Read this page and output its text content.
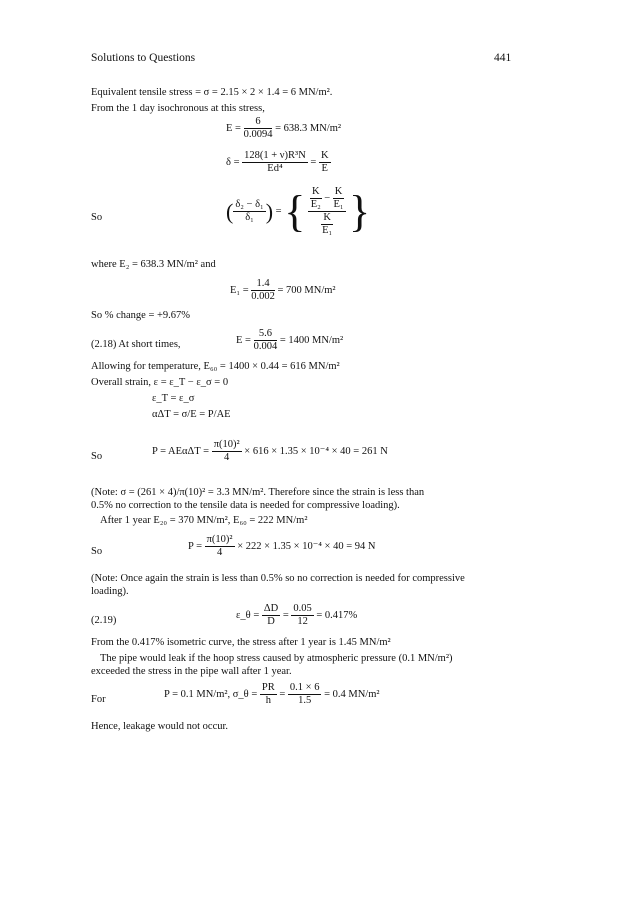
Solutions to Questions	441
Equivalent tensile stress = σ = 2.15 × 2 × 1.4 = 6 MN/m².
From the 1 day isochronous at this stress,
$E = \frac{6}{0.0094} = 638.3$ MN/m²
$\delta = \frac{\text{128(1 + ν)R³N}}{\text{Ed⁴}} = \frac{K}{E}$
So	( $\frac{\text{δ₂ − δ₁}}{\text{δ₁}}$ ) = { $\frac{\frac{K}{\text{E₂}} - \frac{K}{\text{E₁}}}{\frac{K}{\text{E₁}}}$ }
where E₂ = 638.3 MN/m² and
$E_1 = \frac{1.4}{0.002} = 700$ MN/m²
So % change = +9.67%
(2.18) At short times,	$E = \frac{5.6}{0.004} = 1400$ MN/m²
Allowing for temperature, E₆₀ = 1400 × 0.44 = 616 MN/m²
Overall strain, ε = ε_T − ε_σ = 0
ε_T = ε_σ
αΔT = σ/E = P/AE
So	$P = AE\alpha\Delta T = \frac{\text{π(10)²}}{4} \times 616 \times 1.35 \times 10^{-4} \times 40 = 261$ N
(Note: σ = (261 × 4)/π(10)² = 3.3 MN/m². Therefore since the strain is less than
0.5% no correction to the tensile data is needed for compressive loading).
After 1 year E₂₀ = 370 MN/m², E₆₀ = 222 MN/m²
So	$P = \frac{\text{π(10)²}}{4} \times 222 \times 1.35 \times 10^{-4} \times 40 = 94$ N
(Note: Once again the strain is less than 0.5% so no correction is needed for compressive
loading).
(2.19)	ε_θ = $\frac{\Delta D}{D} = \frac{0.05}{12} = 0.417\%$
From the 0.417% isometric curve, the stress after 1 year is 1.45 MN/m²
The pipe would leak if the hoop stress caused by atmospheric pressure (0.1 MN/m²)
exceeded the stress in the pipe wall after 1 year.
For	P = 0.1 MN/m², σ_θ = $\frac{PR}{h} = \frac{0.1 \times 6}{1.5} = 0.4$ MN/m²
Hence, leakage would not occur.
